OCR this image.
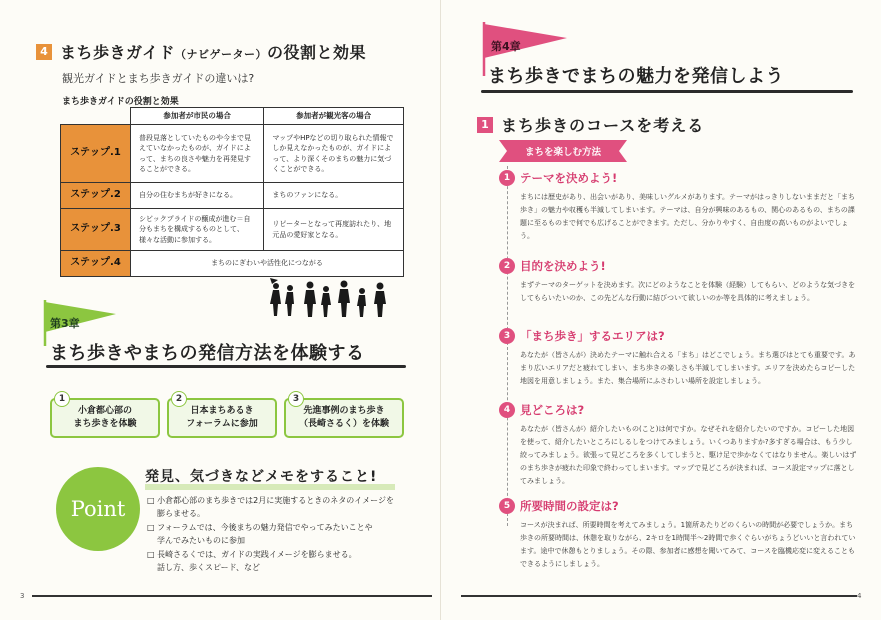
4 まち歩きガイド（ナビゲーター）の役割と効果
観光ガイドとまち歩きガイドの違いは?
まち歩きガイドの役割と効果
	参加者が市民の場合	参加者が観光客の場合
ステップ.1	普段見落としていたものや今まで見えていなかったものが、ガイドによって、まちの良さや魅力を再発見することができる。	マップやHPなどの切り取られた情報でしか見えなかったものが、ガイドによって、より深くそのまちの魅力に気づくことができる。
ステップ.2	自分の住むまちが好きになる。	まちのファンになる。
ステップ.3	シビックプライドの醸成が進む＝自分もまちを構成するものとして、様々な活動に参加する。	リピーターとなって再度訪れたり、地元品の愛好家となる。
ステップ.4	まちのにぎわいや活性化につながる	
第3章
まち歩きやまちの発信方法を体験する
小倉都心部の
まち歩きを体験
1
日本まちあるき
フォーラムに参加
2
先進事例のまち歩き
（長崎さるく）を体験
3
Point
発見、気づきなどメモをすること!
□ 小倉都心部のまち歩きでは2月に実施するときのネタのイメージを
膨らませる。
□ フォーラムでは、今後まちの魅力発信でやってみたいことや
学んでみたいものに参加
□ 長崎さるくでは、ガイドの実践イメージを膨らませる。
話し方、歩くスピード、など
3
第4章
まち歩きでまちの魅力を発信しよう
1 まち歩きのコースを考える
まちを楽しむ方法
1 テーマを決めよう!
まちには歴史があり、出会いがあり、美味しいグルメがあります。テーマがはっきりしないままだと「まち歩き」の魅力や収穫も半減してしまいます。テーマは、自分が興味のあるもの、関心のあるもの、まちの課題に至るものまで何でも広げることができます。ただし、分かりやすく、自由度の高いものがよいでしょう。
2 目的を決めよう!
まずテーマのターゲットを決めます。次にどのようなことを体験（経験）してもらい、どのような気づきをしてもらいたいのか、この先どんな行動に結びついて欲しいのか等を具体的に考えましょう。
3 「まち歩き」するエリアは?
あなたが（皆さんが）決めたテーマに触れ合える「まち」はどこでしょう。まち選びはとても重要です。あまり広いエリアだと疲れてしまい、まち歩きの楽しさも半減してしまいます。エリアを決めたらコピーした地図を用意しましょう。また、集合場所にふさわしい場所を設定しましょう。
4 見どころは?
あなたが（皆さんが）紹介したいもの(こと)は何ですか。なぜそれを紹介したいのですか。コピーした地図を使って、紹介したいところにしるしをつけてみましょう。いくつありますか?多すぎる場合は、もう少し絞ってみましょう。欲張って見どころを多くしてしまうと、駆け足で歩かなくてはなりません。楽しいはずのまち歩きが疲れた印象で終わってしまいます。マップで見どころが決まれば、コース設定マップに落としてみましょう。
5 所要時間の設定は?
コースが決まれば、所要時間を考えてみましょう。1箇所あたりどのくらいの時間が必要でしょうか。まち歩きの所要時間は、休憩を取りながら、2キロを1時間半～2時間で歩くぐらいがちょうどいいと言われています。途中で休憩もとりましょう。その際、参加者に感想を聞いてみて、コースを臨機応変に変えることもできるようにしましょう。
4
